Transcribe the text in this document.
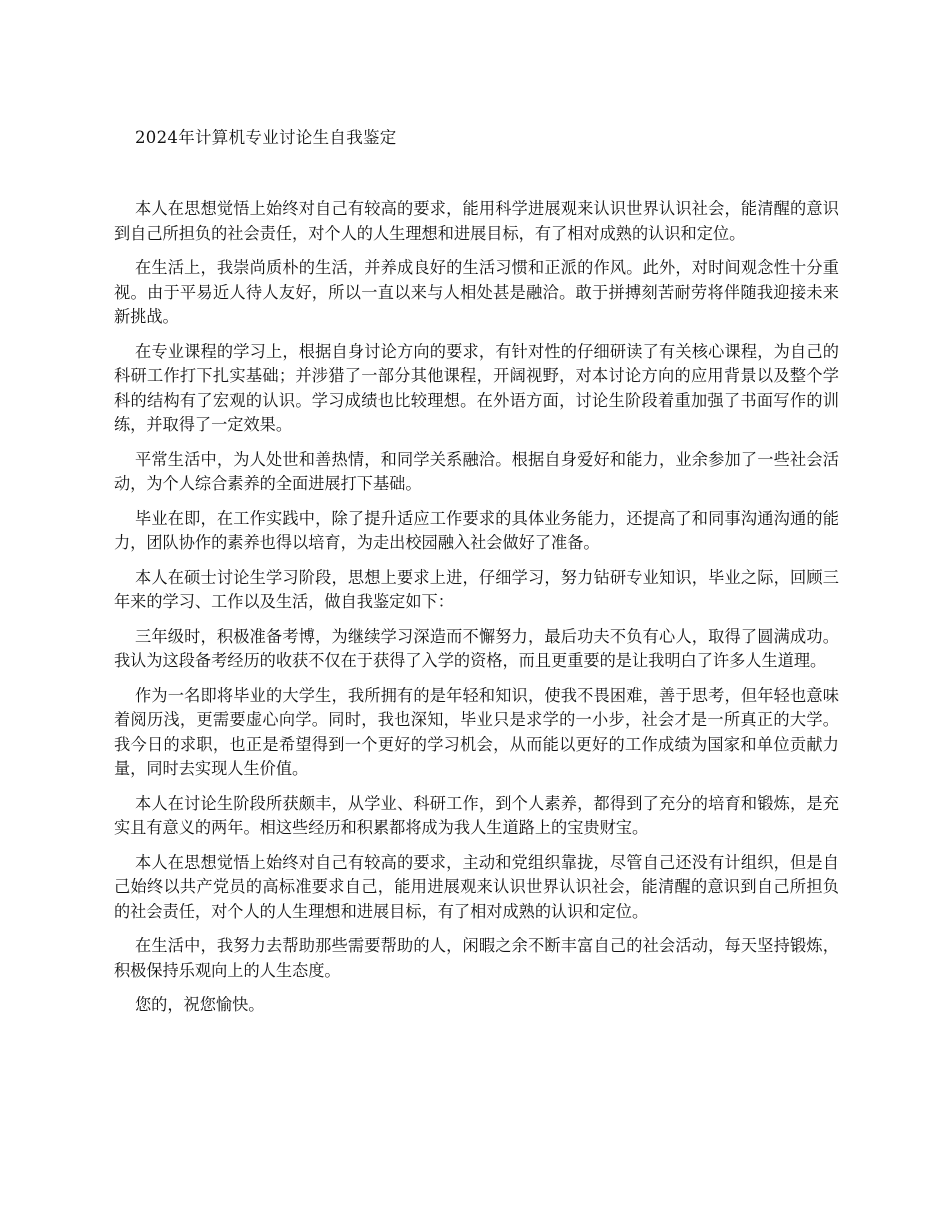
2024年计算机专业讨论生自我鉴定

本人在思想觉悟上始终对自己有较高的要求，能用科学进展观来认识世界认识社会，能清醒的意识到自己所担负的社会责任，对个人的人生理想和进展目标，有了相对成熟的认识和定位。

在生活上，我崇尚质朴的生活，并养成良好的生活习惯和正派的作风。此外，对时间观念性十分重视。由于平易近人待人友好，所以一直以来与人相处甚是融洽。敢于拼搏刻苦耐劳将伴随我迎接未来新挑战。

在专业课程的学习上，根据自身讨论方向的要求，有针对性的仔细研读了有关核心课程，为自己的科研工作打下扎实基础；并涉猎了一部分其他课程，开阔视野，对本讨论方向的应用背景以及整个学科的结构有了宏观的认识。学习成绩也比较理想。在外语方面，讨论生阶段着重加强了书面写作的训练，并取得了一定效果。

平常生活中，为人处世和善热情，和同学关系融洽。根据自身爱好和能力，业余参加了一些社会活动，为个人综合素养的全面进展打下基础。

毕业在即，在工作实践中，除了提升适应工作要求的具体业务能力，还提高了和同事沟通沟通的能力，团队协作的素养也得以培育，为走出校园融入社会做好了准备。

本人在硕士讨论生学习阶段，思想上要求上进，仔细学习，努力钻研专业知识，毕业之际，回顾三年来的学习、工作以及生活，做自我鉴定如下：

三年级时，积极准备考博，为继续学习深造而不懈努力，最后功夫不负有心人，取得了圆满成功。我认为这段备考经历的收获不仅在于获得了入学的资格，而且更重要的是让我明白了许多人生道理。

作为一名即将毕业的大学生，我所拥有的是年轻和知识，使我不畏困难，善于思考，但年轻也意味着阅历浅，更需要虚心向学。同时，我也深知，毕业只是求学的一小步，社会才是一所真正的大学。我今日的求职，也正是希望得到一个更好的学习机会，从而能以更好的工作成绩为国家和单位贡献力量，同时去实现人生价值。

本人在讨论生阶段所获颇丰，从学业、科研工作，到个人素养，都得到了充分的培育和锻炼，是充实且有意义的两年。相这些经历和积累都将成为我人生道路上的宝贵财宝。

本人在思想觉悟上始终对自己有较高的要求，主动和党组织靠拢，尽管自己还没有计组织，但是自己始终以共产党员的高标准要求自己，能用进展观来认识世界认识社会，能清醒的意识到自己所担负的社会责任，对个人的人生理想和进展目标，有了相对成熟的认识和定位。

在生活中，我努力去帮助那些需要帮助的人，闲暇之余不断丰富自己的社会活动，每天坚持锻炼，积极保持乐观向上的人生态度。

您的，祝您愉快。
